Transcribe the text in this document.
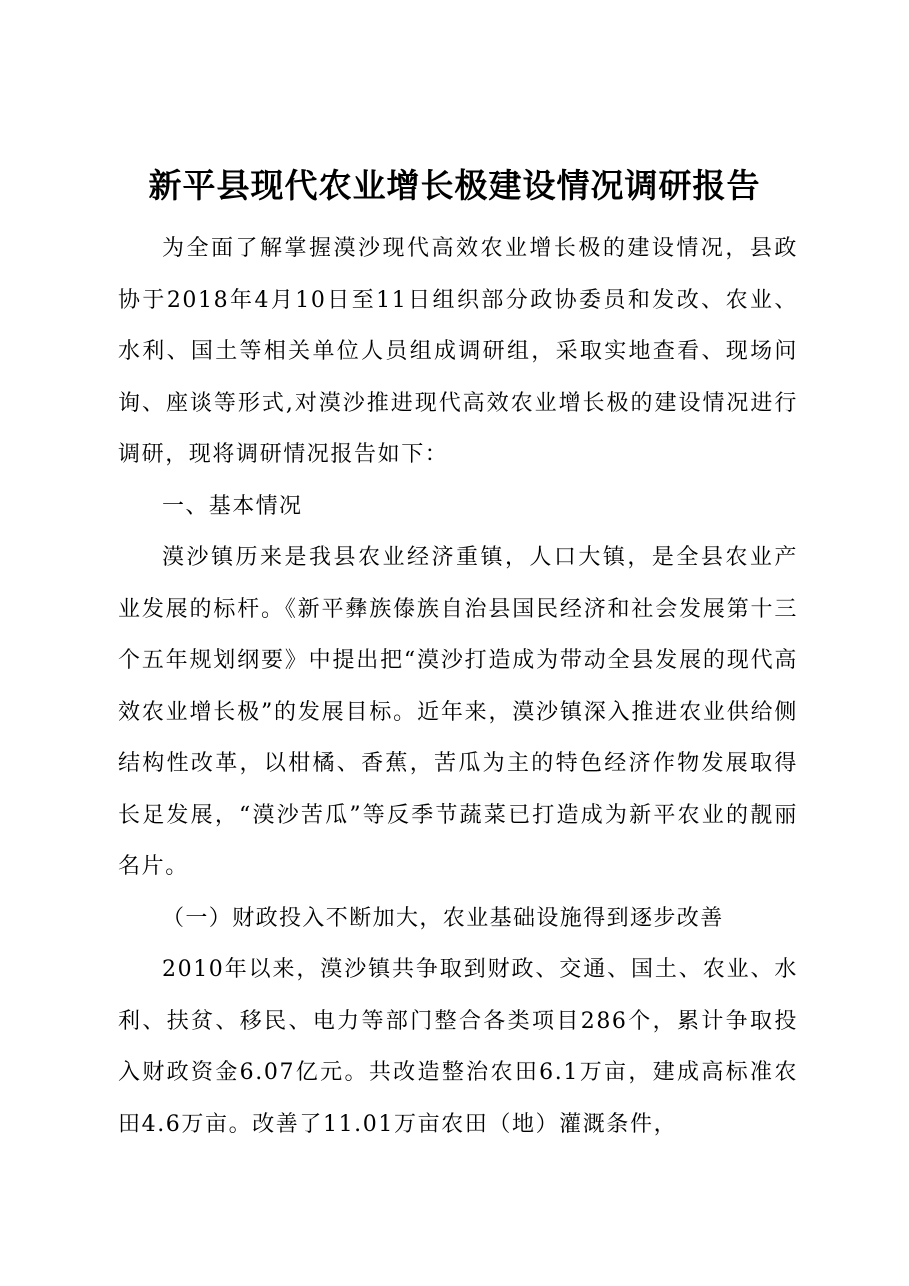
新平县现代农业增长极建设情况调研报告

为全面了解掌握漠沙现代高效农业增长极的建设情况，县政协于2018年4月10日至11日组织部分政协委员和发改、农业、水利、国土等相关单位人员组成调研组，采取实地查看、现场问询、座谈等形式,对漠沙推进现代高效农业增长极的建设情况进行调研，现将调研情况报告如下：

一、基本情况

漠沙镇历来是我县农业经济重镇，人口大镇，是全县农业产业发展的标杆。《新平彝族傣族自治县国民经济和社会发展第十三个五年规划纲要》中提出把“漠沙打造成为带动全县发展的现代高效农业增长极”的发展目标。近年来，漠沙镇深入推进农业供给侧结构性改革，以柑橘、香蕉，苦瓜为主的特色经济作物发展取得长足发展，“漠沙苦瓜”等反季节蔬菜已打造成为新平农业的靓丽名片。

（一）财政投入不断加大，农业基础设施得到逐步改善

2010年以来，漠沙镇共争取到财政、交通、国土、农业、水利、扶贫、移民、电力等部门整合各类项目286个，累计争取投入财政资金6.07亿元。共改造整治农田6.1万亩，建成高标准农田4.6万亩。改善了11.01万亩农田（地）灌溉条件，
